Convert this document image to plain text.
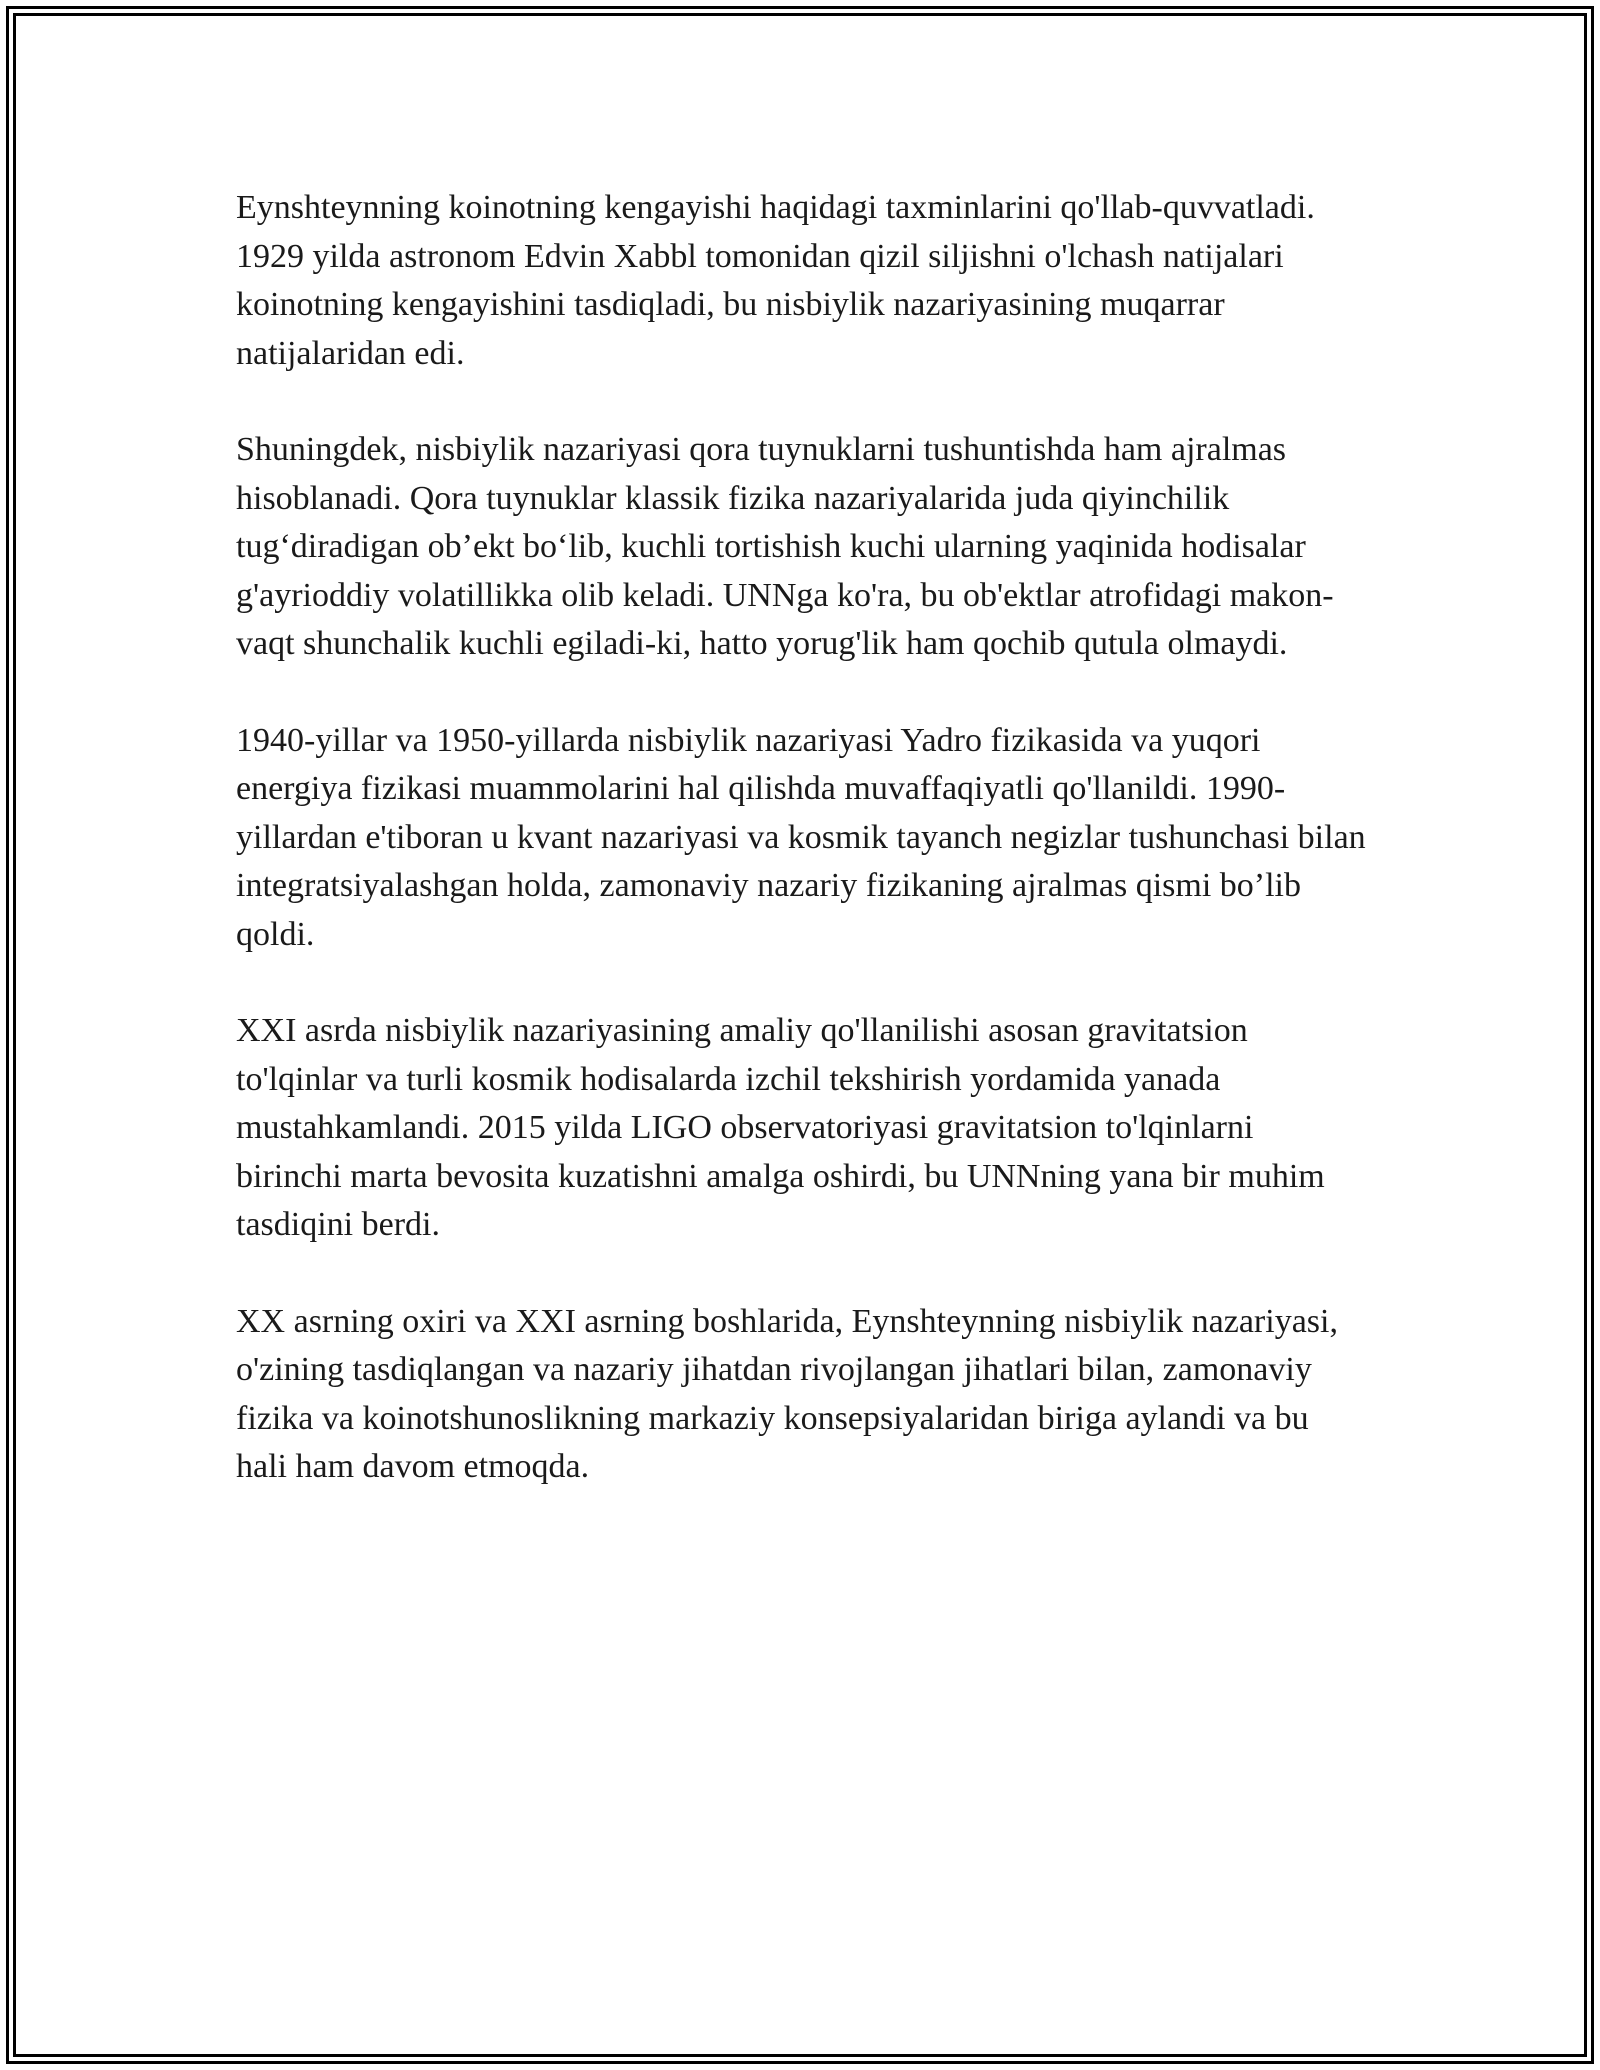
Eynshteynning koinotning kengayishi haqidagi taxminlarini qo'llab-quvvatladi. 1929 yilda astronom Edvin Xabbl tomonidan qizil siljishni o'lchash natijalari koinotning kengayishini tasdiqladi, bu nisbiylik nazariyasining muqarrar natijalaridan edi.

Shuningdek, nisbiylik nazariyasi qora tuynuklarni tushuntishda ham ajralmas hisoblanadi. Qora tuynuklar klassik fizika nazariyalarida juda qiyinchilik tug‘diradigan ob’ekt bo‘lib, kuchli tortishish kuchi ularning yaqinida hodisalar g'ayrioddiy volatillikka olib keladi. UNNga ko'ra, bu ob'ektlar atrofidagi makon-vaqt shunchalik kuchli egiladi-ki, hatto yorug'lik ham qochib qutula olmaydi.

1940-yillar va 1950-yillarda nisbiylik nazariyasi Yadro fizikasida va yuqori energiya fizikasi muammolarini hal qilishda muvaffaqiyatli qo'llanildi. 1990-yillardan e'tiboran u kvant nazariyasi va kosmik tayanch negizlar tushunchasi bilan integratsiyalashgan holda, zamonaviy nazariy fizikaning ajralmas qismi bo’lib qoldi.

XXI asrda nisbiylik nazariyasining amaliy qo'llanilishi asosan gravitatsion to'lqinlar va turli kosmik hodisalarda izchil tekshirish yordamida yanada mustahkamlandi. 2015 yilda LIGO observatoriyasi gravitatsion to'lqinlarni birinchi marta bevosita kuzatishni amalga oshirdi, bu UNNning yana bir muhim tasdiqini berdi.

XX asrning oxiri va XXI asrning boshlarida, Eynshteynning nisbiylik nazariyasi, o'zining tasdiqlangan va nazariy jihatdan rivojlangan jihatlari bilan, zamonaviy fizika va koinotshunoslikning markaziy konsepsiyalaridan biriga aylandi va bu hali ham davom etmoqda.
